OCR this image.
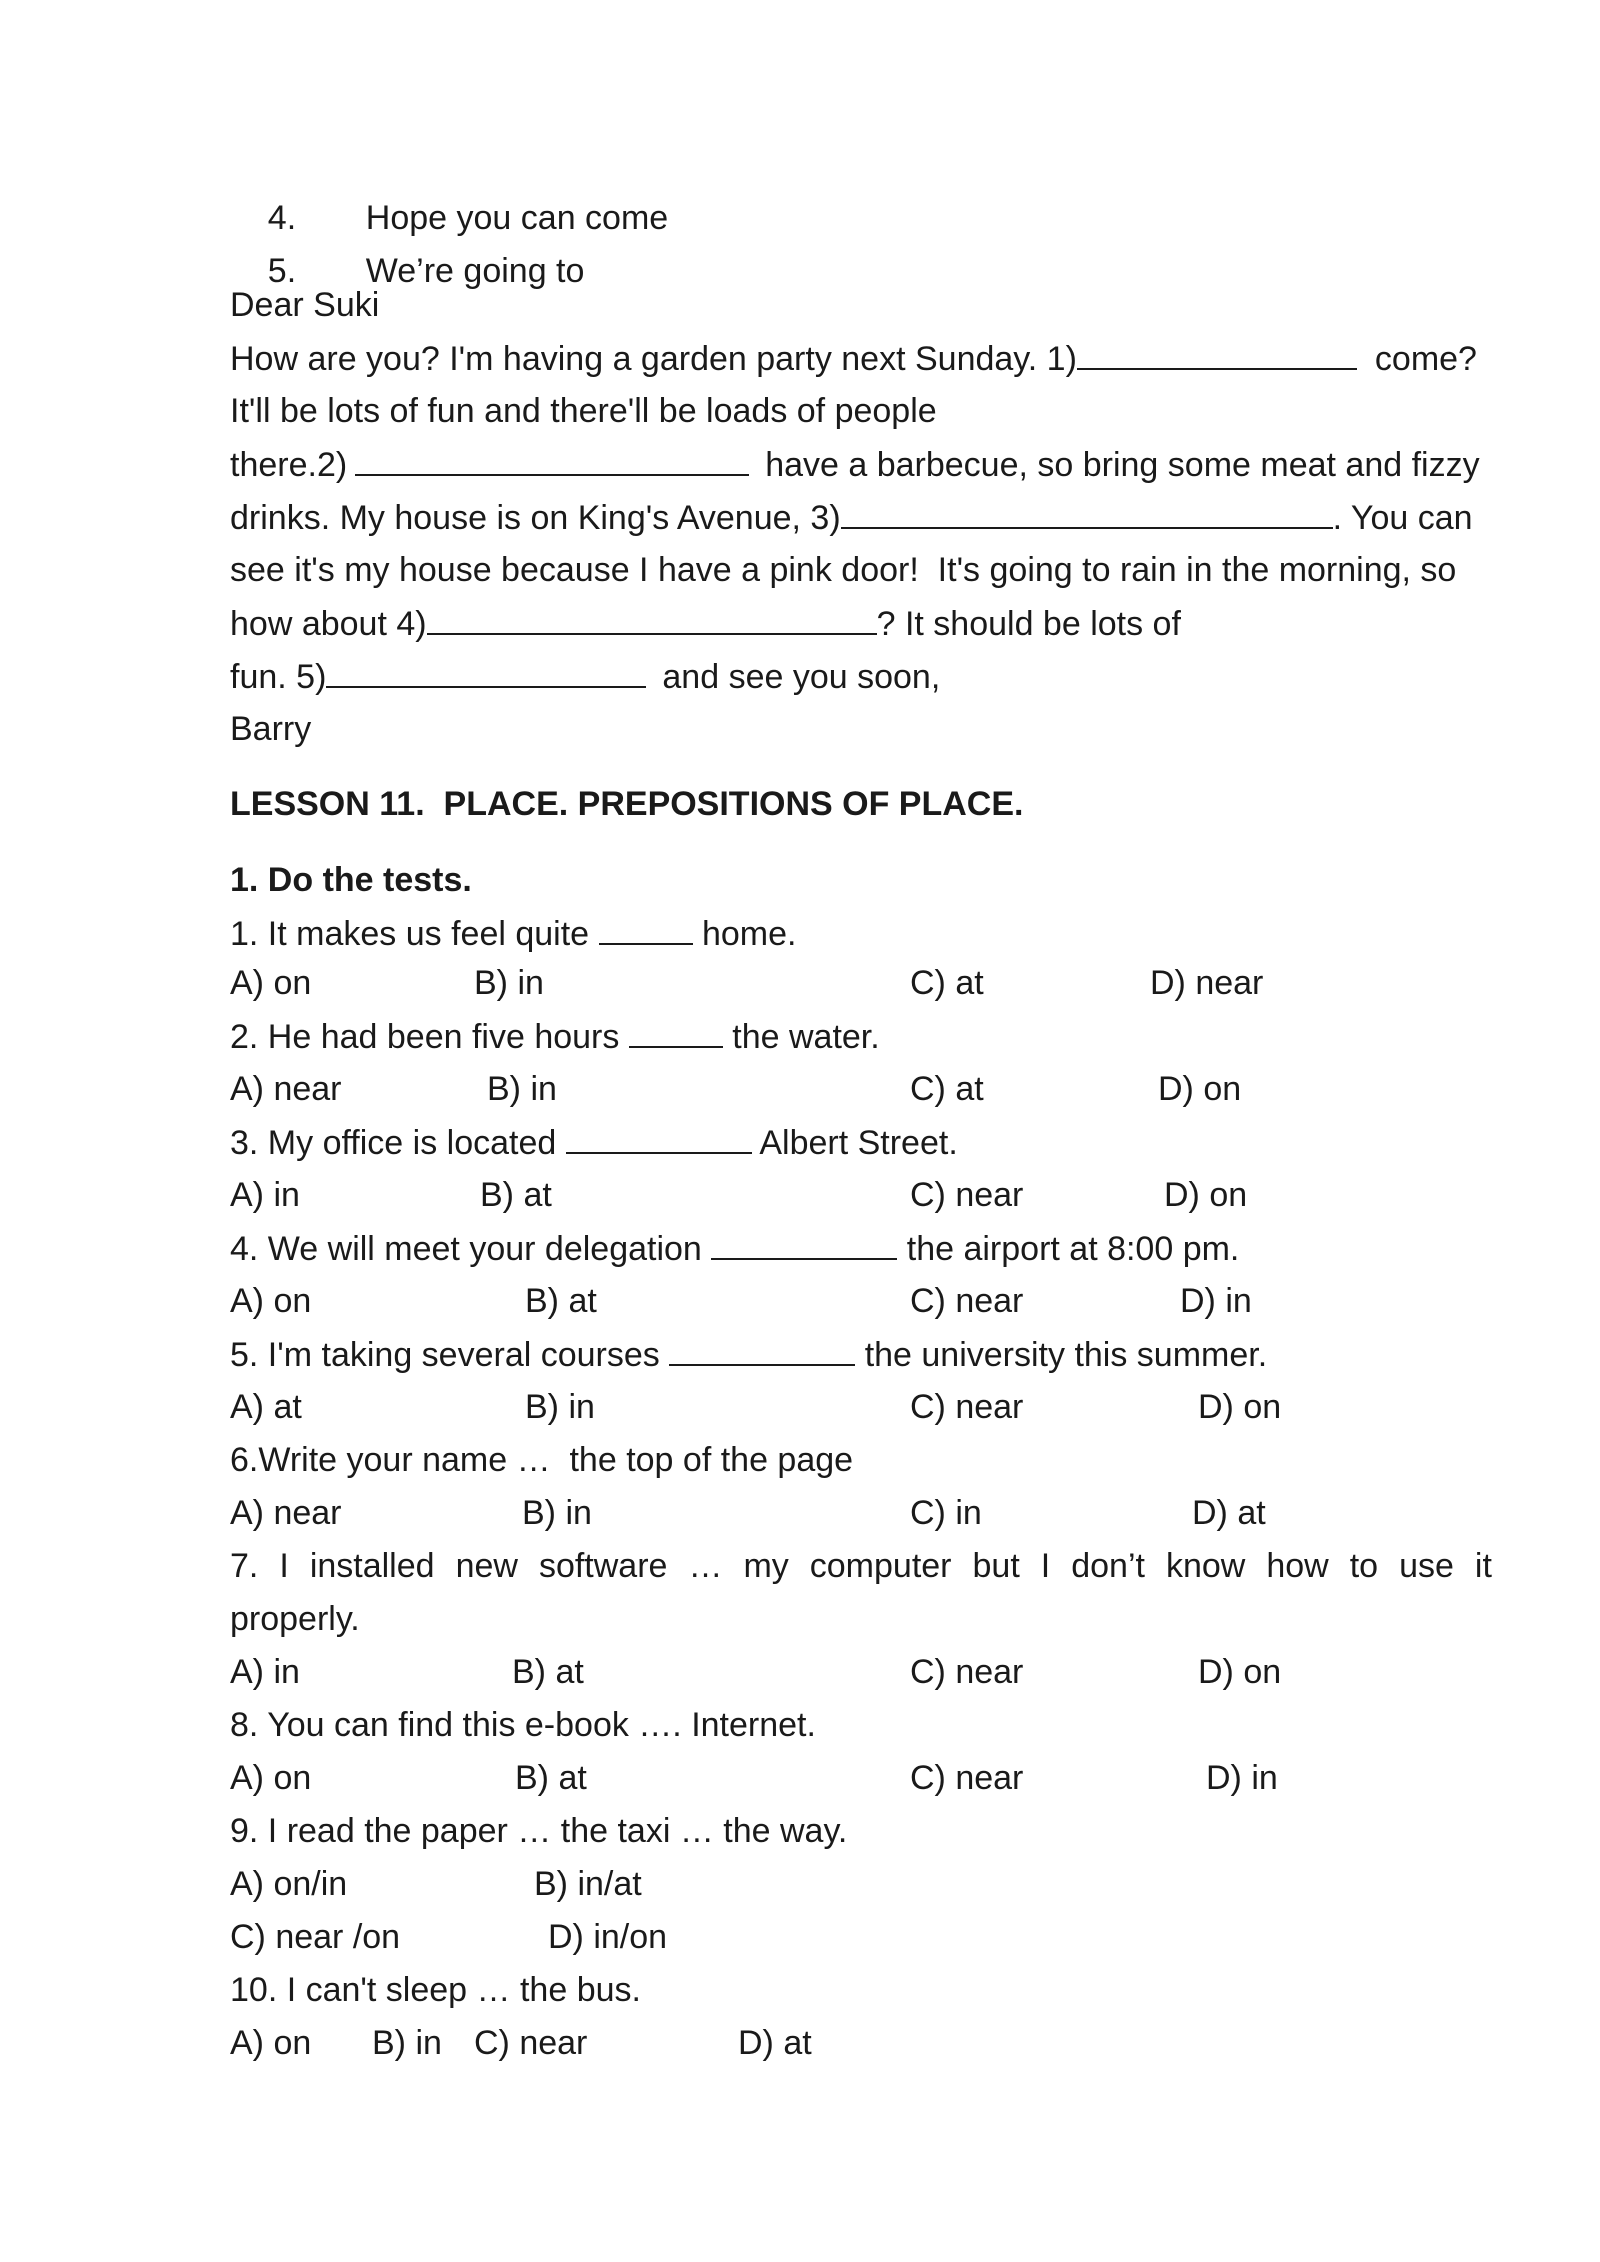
4. Hope you can come

5. We’re going to

Dear Suki
How are you? I'm having a garden party next Sunday. 1)	come?
It'll be lots of fun and there'll be loads of people
there.2)	have a barbecue, so bring some meat and fizzy
drinks. My house is on King's Avenue, 3)	. You can
see it's my house because I have a pink door!  It's going to rain in the morning, so
how about 4)	? It should be lots of
fun. 5)	and see you soon,
Barry
LESSON 11.  PLACE. PREPOSITIONS OF PLACE.
1. Do the tests.
1. It makes us feel quite	home.
A) on	B) in	C) at	D) near
2. He had been five hours	the water.
A) near	B) in	C) at	D) on
3. My office is located	Albert Street.
A) in	B) at	C) near	D) on
4. We will meet your delegation	the airport at 8:00 pm.
A) on	B) at	C) near	D) in
5. I'm taking several courses	the university this summer.
A) at	B) in	C) near	D) on
6.Write your name …  the top of the page
A) near	B) in	C) in	D) at
7. I installed new software … my computer but I don’t know how to use it
properly.
A) in	B) at	C) near	D) on
8. You can find this e-book …. Internet.
A) on	B) at	C) near	D) in
9. I read the paper … the taxi … the way.
A) on/in	B) in/at
C) near /on	D) in/on
10. I can't sleep … the bus.
A) on B) in C) near	D) at
